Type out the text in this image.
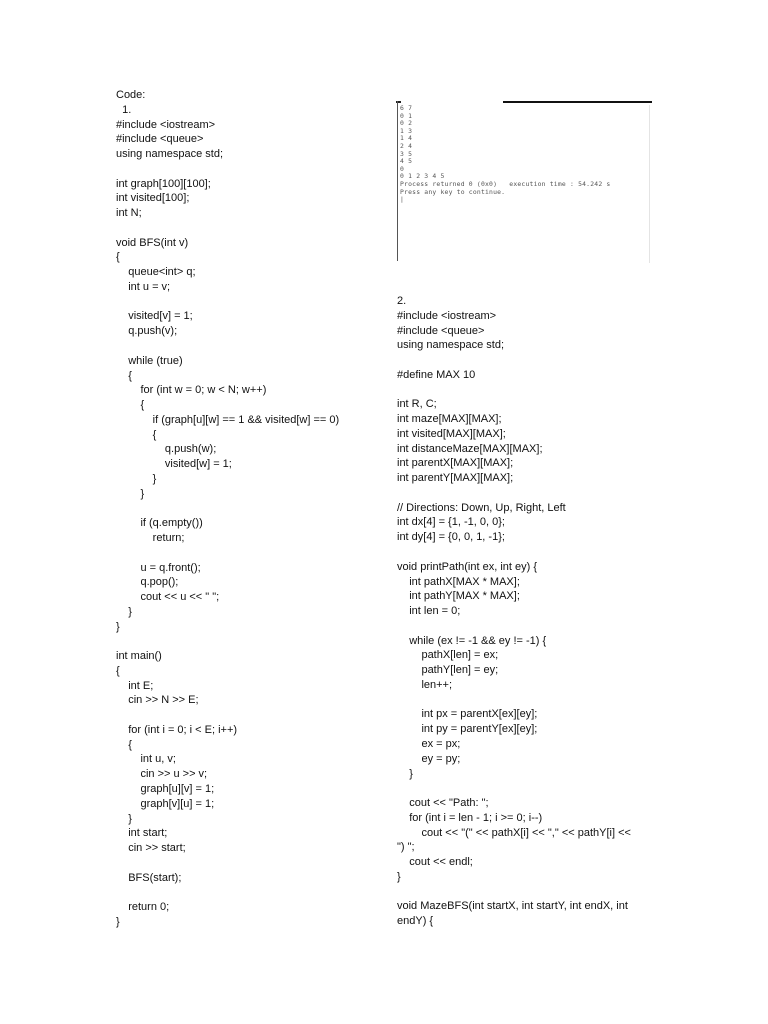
Code:
1.
#include <iostream>
#include <queue>
using namespace std;
int graph[100][100];
int visited[100];
int N;
void BFS(int v)
{
queue<int> q;
int u = v;
visited[v] = 1;
q.push(v);
while (true)
{
for (int w = 0; w < N; w++)
{
if (graph[u][w] == 1 && visited[w] == 0)
{
q.push(w);
visited[w] = 1;
}
}
if (q.empty())
return;
u = q.front();
q.pop();
cout << u << " ";
}
}
int main()
{
int E;
cin >> N >> E;
for (int i = 0; i < E; i++)
{
int u, v;
cin >> u >> v;
graph[u][v] = 1;
graph[v][u] = 1;
}
int start;
cin >> start;
BFS(start);
return 0;
}
6 7
0 1
0 2
1 3
1 4
2 4
3 5
4 5
0
0 1 2 3 4 5
Process returned 0 (0x0)   execution time : 54.242 s
Press any key to continue.
|
2.
#include <iostream>
#include <queue>
using namespace std;
#define MAX 10
int R, C;
int maze[MAX][MAX];
int visited[MAX][MAX];
int distanceMaze[MAX][MAX];
int parentX[MAX][MAX];
int parentY[MAX][MAX];
// Directions: Down, Up, Right, Left
int dx[4] = {1, -1, 0, 0};
int dy[4] = {0, 0, 1, -1};
void printPath(int ex, int ey) {
int pathX[MAX * MAX];
int pathY[MAX * MAX];
int len = 0;
while (ex != -1 && ey != -1) {
pathX[len] = ex;
pathY[len] = ey;
len++;
int px = parentX[ex][ey];
int py = parentY[ex][ey];
ex = px;
ey = py;
}
cout << "Path: ";
for (int i = len - 1; i >= 0; i--)
cout << "(" << pathX[i] << "," << pathY[i] <<
") ";
cout << endl;
}
void MazeBFS(int startX, int startY, int endX, int
endY) {
